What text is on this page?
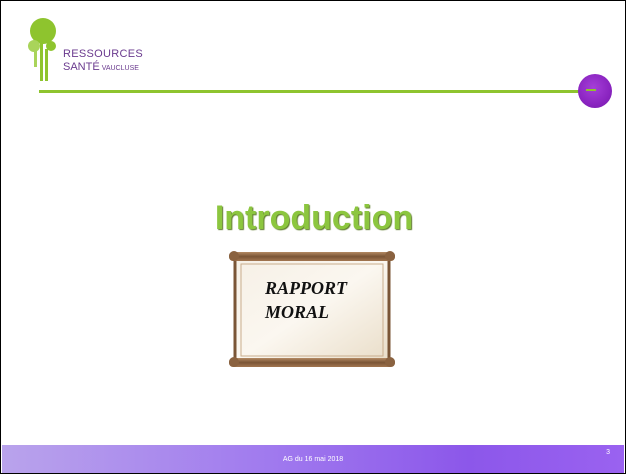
RESSOURCES
SANTÉ VAUCLUSE
Introduction
RAPPORT
MORAL
AG du 16 mai 2018
3
